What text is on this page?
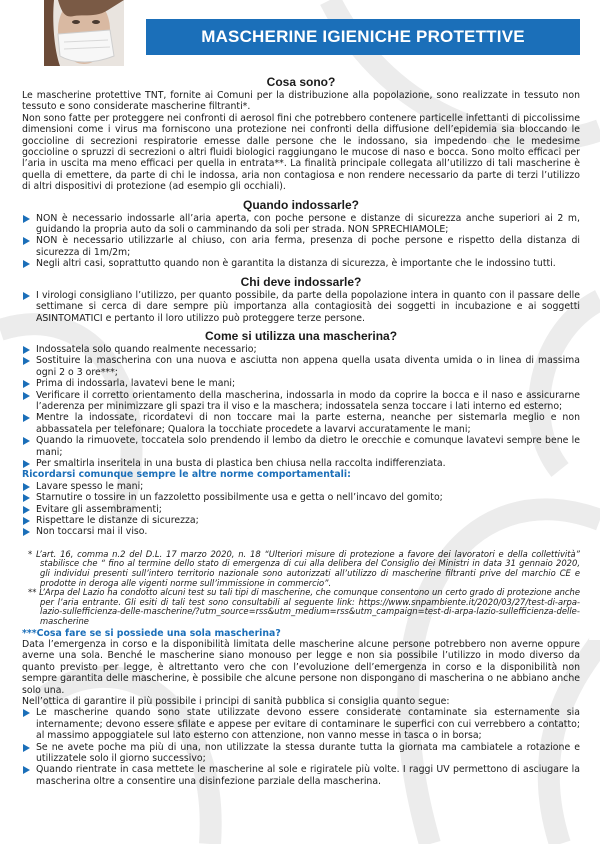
MASCHERINE IGIENICHE PROTETTIVE
Cosa sono?

Le mascherine protettive TNT, fornite ai Comuni per la distribuzione alla popolazione, sono realizzate in tessuto non tessuto e sono considerate mascherine filtranti*.

Non sono fatte per proteggere nei confronti di aerosol fini che potrebbero contenere particelle infettanti di piccolissime dimensioni come i virus ma forniscono una protezione nei confronti della diffusione dell’epidemia sia bloccando le goccioline di secrezioni respiratorie emesse dalle persone che le indossano, sia impedendo che le medesime goccioline o spruzzi di secrezioni o altri fluidi biologici raggiungano le mucose di naso e bocca. Sono molto efficaci per l’aria in uscita ma meno efficaci per quella in entrata**. La finalità principale collegata all’utilizzo di tali mascherine è quella di emettere, da parte di chi le indossa, aria non contagiosa e non rendere necessario da parte di terzi l’utilizzo di altri dispositivi di protezione (ad esempio gli occhiali).

Quando indossarle?
NON è necessario indossarle all’aria aperta, con poche persone e distanze di sicurezza anche superiori ai 2 m, guidando la propria auto da soli o camminando da soli per strada. NON SPRECHIAMOLE;
NON è necessario utilizzarle al chiuso, con aria ferma, presenza di poche persone e rispetto della distanza di sicurezza di 1m/2m;
Negli altri casi, soprattutto quando non è garantita la distanza di sicurezza, è importante che le indossino tutti.
Chi deve indossarle?
I virologi consigliano l’utilizzo, per quanto possibile, da parte della popolazione intera in quanto con il passare delle settimane si cerca di dare sempre più importanza alla contagiosità dei soggetti in incubazione e ai soggetti ASINTOMATICI e pertanto il loro utilizzo può proteggere terze persone.
Come si utilizza una mascherina?
Indossatela solo quando realmente necessario;
Sostituire la mascherina con una nuova e asciutta non appena quella usata diventa umida o in linea di massima ogni 2 o 3 ore***;
Prima di indossarla, lavatevi bene le mani;
Verificare il corretto orientamento della mascherina, indossarla in modo da coprire la bocca e il naso e assicurarne l’aderenza per minimizzare gli spazi tra il viso e la maschera; indossatela senza toccare i lati interno ed esterno;
Mentre la indossate, ricordatevi di non toccare mai la parte esterna, neanche per sistemarla meglio e non abbassatela per telefonare; Qualora la tocchiate procedete a lavarvi accuratamente le mani;
Quando la rimuovete, toccatela solo prendendo il lembo da dietro le orecchie e comunque lavatevi sempre bene le mani;
Per smaltirla inseritela in una busta di plastica ben chiusa nella raccolta indifferenziata.
Ricordarsi comunque sempre le altre norme comportamentali:
Lavare spesso le mani;
Starnutire o tossire in un fazzoletto possibilmente usa e getta o nell’incavo del gomito;
Evitare gli assembramenti;
Rispettare le distanze di sicurezza;
Non toccarsi mai il viso.

* L’art. 16, comma n.2 del D.L. 17 marzo 2020, n. 18 “Ulteriori misure di protezione a favore dei lavoratori e della collettività” stabilisce che “ fino al termine dello stato di emergenza di cui alla delibera del Consiglio dei Ministri in data 31 gennaio 2020, gli individui presenti sull’intero territorio nazionale sono autorizzati all’utilizzo di mascherine filtranti prive del marchio CE e prodotte in deroga alle vigenti norme sull’immissione in commercio”.

** L’Arpa del Lazio ha condotto alcuni test su tali tipi di mascherine, che comunque consentono un certo grado di protezione anche per l’aria entrante. Gli esiti di tali test sono consultabili al seguente link: https://www.snpambiente.it/2020/03/27/test-di-arpa-lazio-sullefficienza-delle-mascherine/?utm_source=rss&utm_medium=rss&utm_campaign=test-di-arpa-lazio-sullefficienza-delle-mascherine

***Cosa fare se si possiede una sola mascherina?

Data l’emergenza in corso e la disponibilità limitata delle mascherine alcune persone potrebbero non averne oppure averne una sola. Benché le mascherine siano monouso per legge e non sia possibile l’utilizzo in modo diverso da quanto previsto per legge, è altrettanto vero che con l’evoluzione dell’emergenza in corso e la disponibilità non sempre garantita delle mascherine, è possibile che alcune persone non dispongano di mascherina o ne abbiano anche solo una.

Nell’ottica di garantire il più possibile i principi di sanità pubblica si consiglia quanto segue:

Le mascherine quando sono state utilizzate devono essere considerate contaminate sia esternamente sia internamente; devono essere sfilate e appese per evitare di contaminare le superfici con cui verrebbero a contatto; al massimo appoggiatele sul lato esterno con attenzione, non vanno messe in tasca o in borsa;
Se ne avete poche ma più di una, non utilizzate la stessa durante tutta la giornata ma cambiatele a rotazione e utilizzatele solo il giorno successivo;
Quando rientrate in casa mettete le mascherine al sole e rigiratele più volte. I raggi UV permettono di asciugare la mascherina oltre a consentire una disinfezione parziale della mascherina.
